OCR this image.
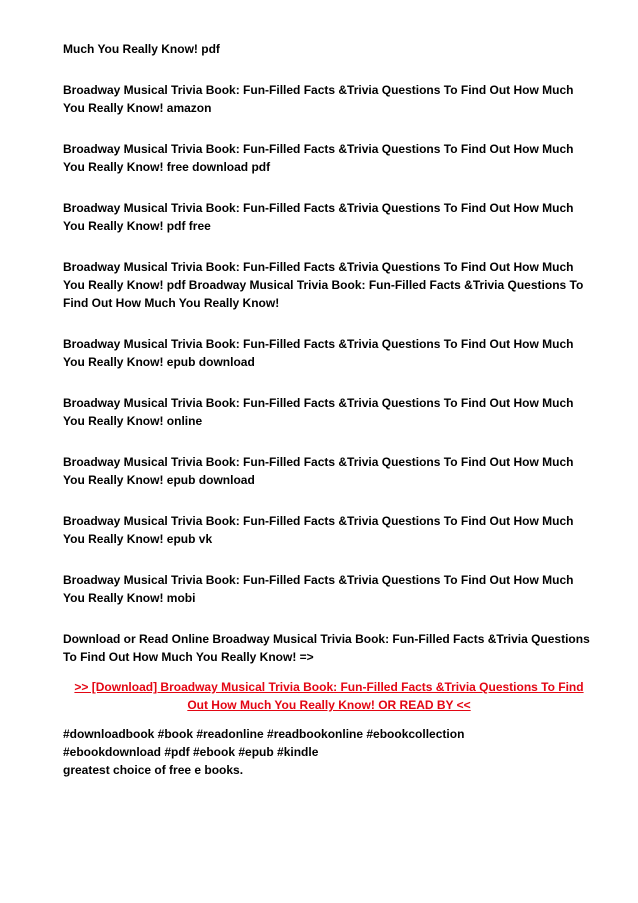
Much You Really Know! pdf

Broadway Musical Trivia Book: Fun-Filled Facts &Trivia Questions To Find Out How Much You Really Know! amazon

Broadway Musical Trivia Book: Fun-Filled Facts &Trivia Questions To Find Out How Much You Really Know! free download pdf

Broadway Musical Trivia Book: Fun-Filled Facts &Trivia Questions To Find Out How Much You Really Know! pdf free

Broadway Musical Trivia Book: Fun-Filled Facts &Trivia Questions To Find Out How Much You Really Know! pdf Broadway Musical Trivia Book: Fun-Filled Facts &Trivia Questions To Find Out How Much You Really Know!

Broadway Musical Trivia Book: Fun-Filled Facts &Trivia Questions To Find Out How Much You Really Know! epub download

Broadway Musical Trivia Book: Fun-Filled Facts &Trivia Questions To Find Out How Much You Really Know! online

Broadway Musical Trivia Book: Fun-Filled Facts &Trivia Questions To Find Out How Much You Really Know! epub download

Broadway Musical Trivia Book: Fun-Filled Facts &Trivia Questions To Find Out How Much You Really Know! epub vk

Broadway Musical Trivia Book: Fun-Filled Facts &Trivia Questions To Find Out How Much You Really Know! mobi

Download or Read Online Broadway Musical Trivia Book: Fun-Filled Facts &Trivia Questions To Find Out How Much You Really Know! =>

>> [Download] Broadway Musical Trivia Book: Fun-Filled Facts &Trivia Questions To Find Out How Much You Really Know! OR READ BY <<

#downloadbook #book #readonline #readbookonline #ebookcollection

#ebookdownload #pdf #ebook #epub #kindle

greatest choice of free e books.
